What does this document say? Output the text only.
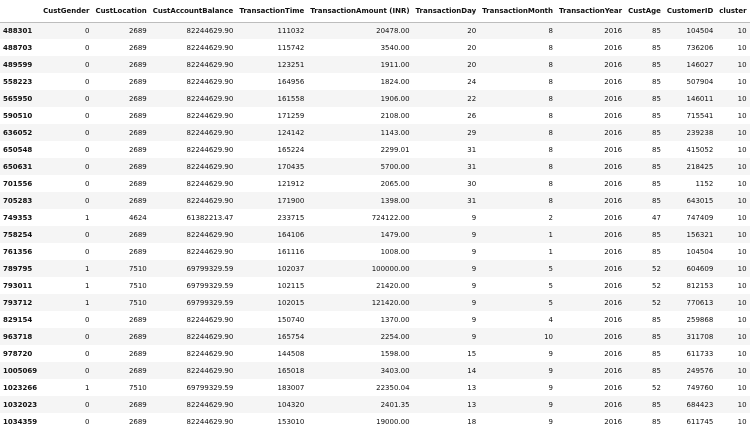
	CustGender	CustLocation	CustAccountBalance	TransactionTime	TransactionAmount (INR)	TransactionDay	TransactionMonth	TransactionYear	CustAge	CustomerID	cluster
488301	0	2689	82244629.90	111032	20478.00	20	8	2016	85	104504	10
488703	0	2689	82244629.90	115742	3540.00	20	8	2016	85	736206	10
489599	0	2689	82244629.90	123251	1911.00	20	8	2016	85	146027	10
558223	0	2689	82244629.90	164956	1824.00	24	8	2016	85	507904	10
565950	0	2689	82244629.90	161558	1906.00	22	8	2016	85	146011	10
590510	0	2689	82244629.90	171259	2108.00	26	8	2016	85	715541	10
636052	0	2689	82244629.90	124142	1143.00	29	8	2016	85	239238	10
650548	0	2689	82244629.90	165224	2299.01	31	8	2016	85	415052	10
650631	0	2689	82244629.90	170435	5700.00	31	8	2016	85	218425	10
701556	0	2689	82244629.90	121912	2065.00	30	8	2016	85	1152	10
705283	0	2689	82244629.90	171900	1398.00	31	8	2016	85	643015	10
749353	1	4624	61382213.47	233715	724122.00	9	2	2016	47	747409	10
758254	0	2689	82244629.90	164106	1479.00	9	1	2016	85	156321	10
761356	0	2689	82244629.90	161116	1008.00	9	1	2016	85	104504	10
789795	1	7510	69799329.59	102037	100000.00	9	5	2016	52	604609	10
793011	1	7510	69799329.59	102115	21420.00	9	5	2016	52	812153	10
793712	1	7510	69799329.59	102015	121420.00	9	5	2016	52	770613	10
829154	0	2689	82244629.90	150740	1370.00	9	4	2016	85	259868	10
963718	0	2689	82244629.90	165754	2254.00	9	10	2016	85	311708	10
978720	0	2689	82244629.90	144508	1598.00	15	9	2016	85	611733	10
1005069	0	2689	82244629.90	165018	3403.00	14	9	2016	85	249576	10
1023266	1	7510	69799329.59	183007	22350.04	13	9	2016	52	749760	10
1032023	0	2689	82244629.90	104320	2401.35	13	9	2016	85	684423	10
1034359	0	2689	82244629.90	153010	19000.00	18	9	2016	85	611745	10
